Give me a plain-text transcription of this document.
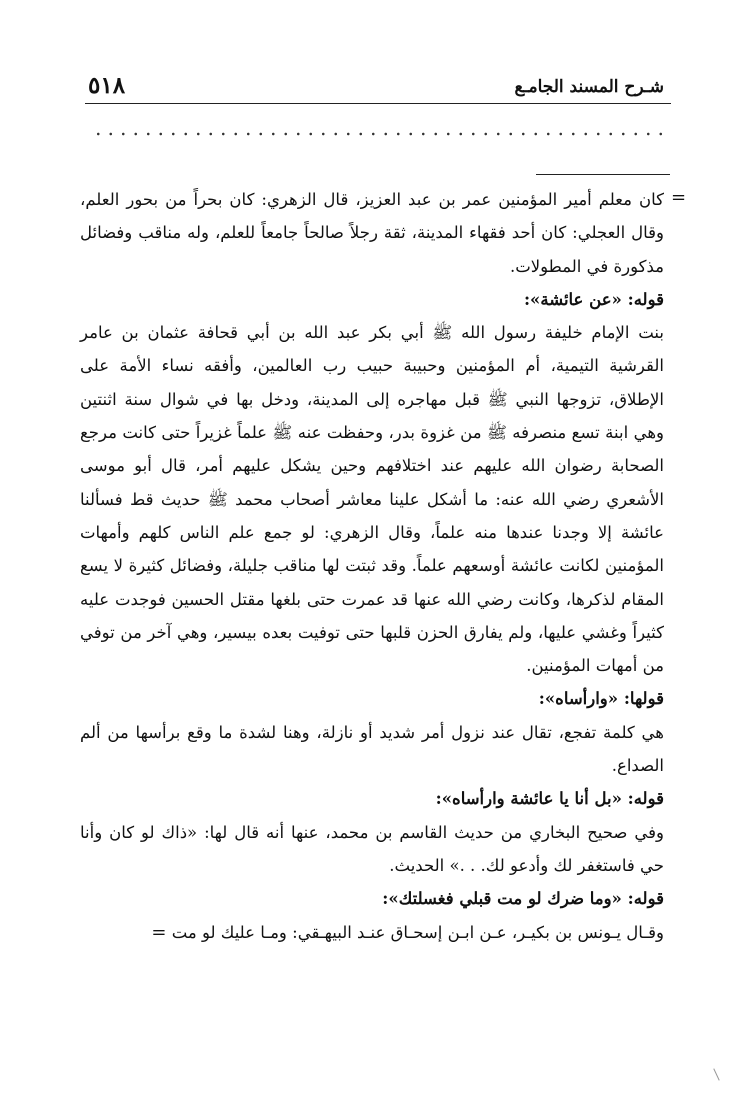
٥١٨	شـرح المسند الجامـع
=

كان معلم أمير المؤمنين عمر بن عبد العزيز، قال الزهري: كان بحراً من بحور العلم، وقال العجلي: كان أحد فقهاء المدينة، ثقة رجلاً صالحاً جامعاً للعلم، وله مناقب وفضائل مذكورة في المطولات.

قوله: «عن عائشة»:

بنت الإمام خليفة رسول الله ﷺ أبي بكر عبد الله بن أبي قحافة عثمان بن عامر القرشية التيمية، أم المؤمنين وحبيبة حبيب رب العالمين، وأفقه نساء الأمة على الإطلاق، تزوجها النبي ﷺ قبل مهاجره إلى المدينة، ودخل بها في شوال سنة اثنتين وهي ابنة تسع منصرفه ﷺ من غزوة بدر، وحفظت عنه ﷺ علماً غزيراً حتى كانت مرجع الصحابة رضوان الله عليهم عند اختلافهم وحين يشكل عليهم أمر، قال أبو موسى الأشعري رضي الله عنه: ما أشكل علينا معاشر أصحاب محمد ﷺ حديث قط فسألنا عائشة إلا وجدنا عندها منه علماً، وقال الزهري: لو جمع علم الناس كلهم وأمهات المؤمنين لكانت عائشة أوسعهم علماً. وقد ثبتت لها مناقب جليلة، وفضائل كثيرة لا يسع المقام لذكرها، وكانت رضي الله عنها قد عمرت حتى بلغها مقتل الحسين فوجدت عليه كثيراً وغشي عليها، ولم يفارق الحزن قلبها حتى توفيت بعده بيسير، وهي آخر من توفي من أمهات المؤمنين.

قولها: «وارأساه»:

هي كلمة تفجع، تقال عند نزول أمر شديد أو نازلة، وهنا لشدة ما وقع برأسها من ألم الصداع.

قوله: «بل أنا يا عائشة وارأساه»:

وفي صحيح البخاري من حديث القاسم بن محمد، عنها أنه قال لها: «ذاك لو كان وأنا حي فاستغفر لك وأدعو لك. . .» الحديث.

قوله: «وما ضرك لو مت قبلي فغسلتك»:

وقـال يـونس بن بكيـر، عـن ابـن إسحـاق عنـد البيهـقي: ومـا عليك لو مت =
